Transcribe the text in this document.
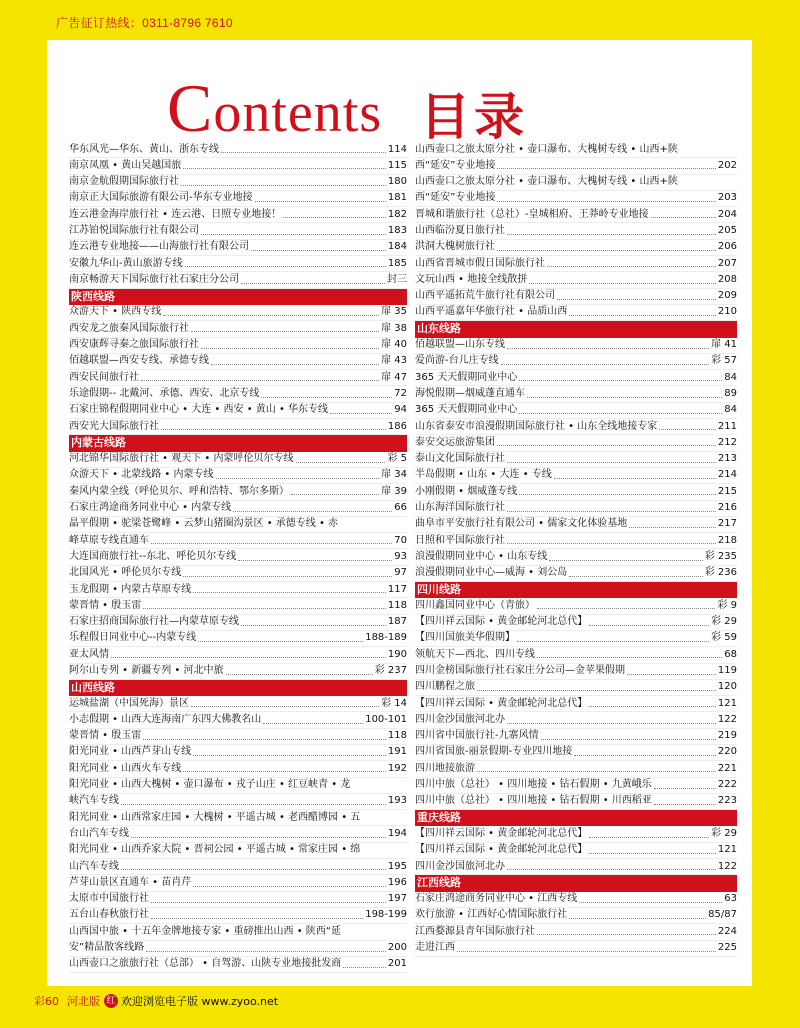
广告征订热线：0311-8796 7610
Contents 目录
华东风光—华东、黄山、浙东专线	114
南京凤凰 • 黄山吴越国旅	115
南京金航假期国际旅行社	180
南京正大国际旅游有限公司-华东专业地接	181
连云港金海岸旅行社 • 连云港、日照专业地接！	182
江苏铂悦国际旅行社有限公司	183
连云港专业地接——山海旅行社有限公司	184
安徽九华山-黄山旅游专线	185
南京畅游天下国际旅行社石家庄分公司	封三
陕西线路
众游天下 • 陕西专线	扉 35
西安龙之旅秦风国际旅行社	扉 38
西安康辉寻秦之旅国际旅行社	扉 40
佰越联盟—西安专线、承德专线	扉 43
西安民间旅行社	扉 47
乐途假期-- 北戴河、承德、西安、北京专线	72
石家庄锦程假期同业中心 • 大连 • 西安 • 黄山 • 华东专线	94
西安光大国际旅行社	186
内蒙古线路
河北锦华国际旅行社 • 观天下 • 内蒙呼伦贝尔专线	彩 5
众游天下 • 北蒙线路 • 内蒙专线	扉 34
秦风内蒙全线（呼伦贝尔、呼和浩特、鄂尔多斯）	扉 39
石家庄鸿途商务同业中心 • 内蒙专线	66
晶平假期 • 驼梁苍鹭峰 • 云梦山猪圈沟景区 • 承德专线 • 赤
峰草原专线直通车	70
大连国商旅行社--东北、呼伦贝尔专线	93
北国风光 • 呼伦贝尔专线	97
玉龙假期 • 内蒙古草原专线	117
蒙晋情 • 殷玉雷	118
石家庄招商国际旅行社—内蒙草原专线	187
乐程假日同业中心--内蒙专线	188-189
亚太风情	190
阿尔山专列 • 新疆专列 • 河北中旅	彩 237
山西线路
运城盐湖（中国死海）景区	彩 14
小志假期 • 山西大连海南广东四大佛教名山	100-101
蒙晋情 • 殷玉雷	118
阳光同业 • 山西芦芽山专线	191
阳光同业 • 山西火车专线	192
阳光同业 • 山西大槐树 • 壶口瀑布 • 戎子山庄 • 红豆峡青 • 龙
峡汽车专线	193
阳光同业 • 山西常家庄园 • 大槐树 • 平遥古城 • 老西醋博园 • 五
台山汽车专线	194
阳光同业 • 山西乔家大院 • 晋祠公园 • 平遥古城 • 常家庄园 • 绵
山汽车专线	195
芦芽山景区直通车 • 苗肖芹	196
太原市中国旅行社	197
五台山春秋旅行社	198-199
山西国中旅 • 十五年金牌地接专家 • 重磅推出山西 • 陕西“延
安”精品散客线路	200
山西壶口之旅旅行社（总部） • 自驾游、山陕专业地接批发商	201
山西壶口之旅太原分社 • 壶口瀑布、大槐树专线 • 山西+陕
西“延安”专业地接	202
山西壶口之旅太原分社 • 壶口瀑布、大槐树专线 • 山西+陕
西“延安”专业地接	203
晋城和谐旅行社（总社）-皇城相府、王莽岭专业地接	204
山西临汾夏日旅行社	205
洪洞大槐树旅行社	206
山西省晋城市假日国际旅行社	207
文玩山西 • 地接全线散拼	208
山西平遥拓荒牛旅行社有限公司	209
山西平遥嘉年华旅行社 • 品质山西	210
山东线路
佰越联盟—山东专线	扉 41
爱尚游-台儿庄专线	彩 57
365 天天假期同业中心	84
海悦假期—烟威蓬直通车	89
365 天天假期同业中心	84
山东省泰安市浪漫假期国际旅行社 • 山东全线地接专家	211
泰安交运旅游集团	212
泰山文化国际旅行社	213
半岛假期 • 山东 • 大连 • 专线	214
小刚假期 • 烟威蓬专线	215
山东海洋国际旅行社	216
曲阜市平安旅行社有限公司 • 儒家文化体验基地	217
日照和平国际旅行社	218
浪漫假期同业中心 • 山东专线	彩 235
浪漫假期同业中心—威海 • 刘公岛	彩 236
四川线路
四川鑫国同业中心（青旅）	彩 9
【四川祥云国际 • 黄金邮轮河北总代】	彩 29
【四川国旅美华假期】	彩 59
领航天下—西北、四川专线	68
四川金榜国际旅行社石家庄分公司—金苹果假期	119
四川鹏程之旅	120
【四川祥云国际 • 黄金邮轮河北总代】	121
四川金沙国旅河北办	122
四川省中国旅行社-九寨风情	219
四川省国旅-丽景假期-专业四川地接	220
四川地接旅游	221
四川中旅（总社） • 四川地接 • 钻石假期 • 九黄峨乐	222
四川中旅（总社） • 四川地接 • 钻石假期 • 川西稻亚	223
重庆线路
【四川祥云国际 • 黄金邮轮河北总代】	彩 29
【四川祥云国际 • 黄金邮轮河北总代】	121
四川金沙国旅河北办	122
江西线路
石家庄鸿途商务同业中心 • 江西专线	63
欢行旅游 • 江西好心情国际旅行社	85/87
江西婺源县青年国际旅行社	224
走进江西	225
彩60 河北版 红 欢迎浏览电子版 www.zyoo.net
